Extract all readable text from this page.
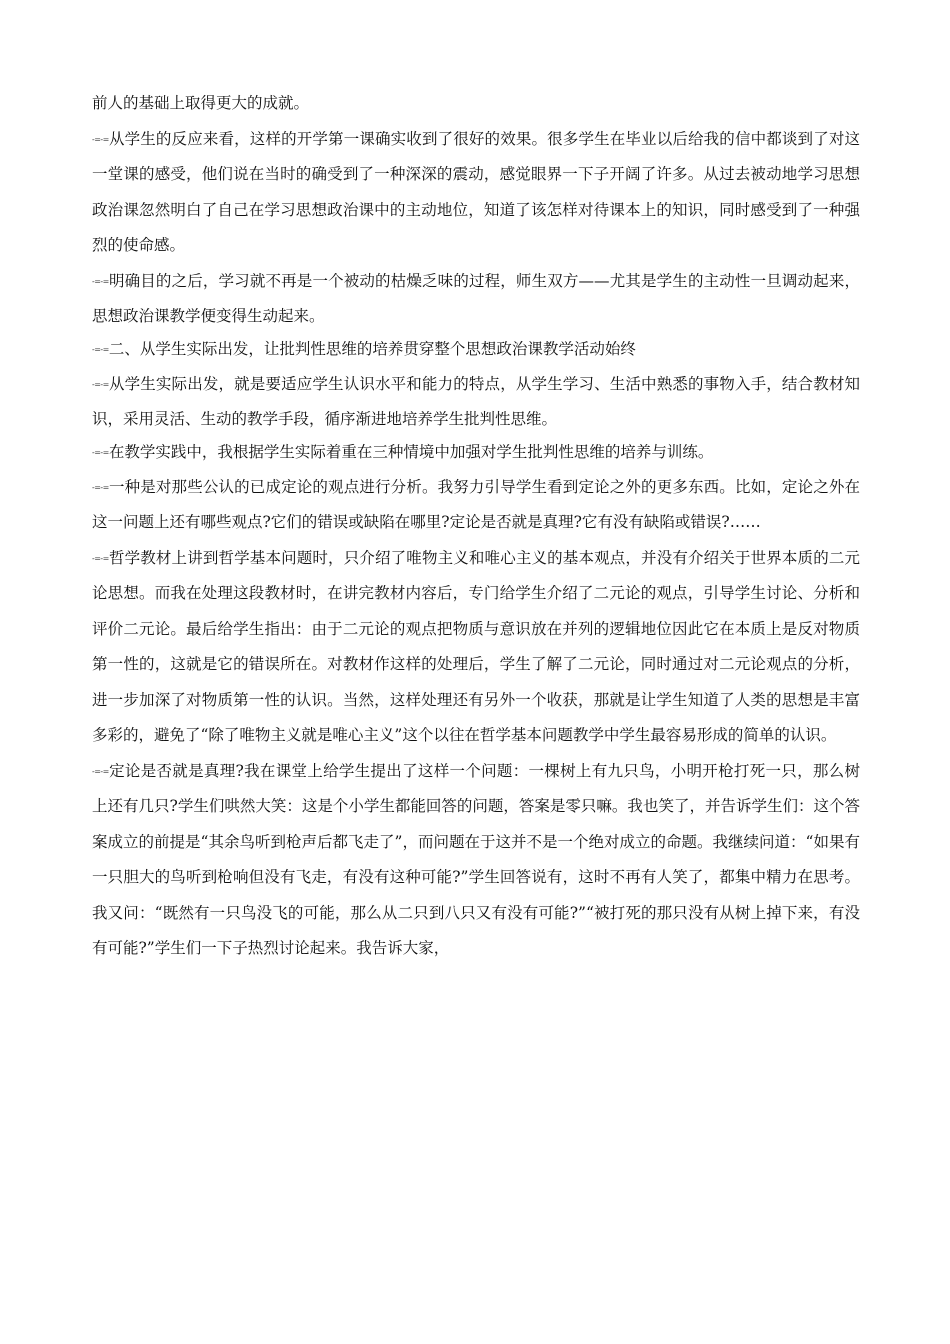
前人的基础上取得更大的成就。

-=-=从学生的反应来看，这样的开学第一课确实收到了很好的效果。很多学生在毕业以后给我的信中都谈到了对这一堂课的感受，他们说在当时的确受到了一种深深的震动，感觉眼界一下子开阔了许多。从过去被动地学习思想政治课忽然明白了自己在学习思想政治课中的主动地位，知道了该怎样对待课本上的知识，同时感受到了一种强烈的使命感。

-=-=明确目的之后，学习就不再是一个被动的枯燥乏味的过程，师生双方——尤其是学生的主动性一旦调动起来，思想政治课教学便变得生动起来。

-=-=二、从学生实际出发，让批判性思维的培养贯穿整个思想政治课教学活动始终

-=-=从学生实际出发，就是要适应学生认识水平和能力的特点，从学生学习、生活中熟悉的事物入手，结合教材知识，采用灵活、生动的教学手段，循序渐进地培养学生批判性思维。

-=-=在教学实践中，我根据学生实际着重在三种情境中加强对学生批判性思维的培养与训练。

-=-=一种是对那些公认的已成定论的观点进行分析。我努力引导学生看到定论之外的更多东西。比如，定论之外在这一问题上还有哪些观点?它们的错误或缺陷在哪里?定论是否就是真理?它有没有缺陷或错误?……

-=-=哲学教材上讲到哲学基本问题时，只介绍了唯物主义和唯心主义的基本观点，并没有介绍关于世界本质的二元论思想。而我在处理这段教材时，在讲完教材内容后，专门给学生介绍了二元论的观点，引导学生讨论、分析和评价二元论。最后给学生指出：由于二元论的观点把物质与意识放在并列的逻辑地位因此它在本质上是反对物质第一性的，这就是它的错误所在。对教材作这样的处理后，学生了解了二元论，同时通过对二元论观点的分析，进一步加深了对物质第一性的认识。当然，这样处理还有另外一个收获，那就是让学生知道了人类的思想是丰富多彩的，避免了“除了唯物主义就是唯心主义”这个以往在哲学基本问题教学中学生最容易形成的简单的认识。

-=-=定论是否就是真理?我在课堂上给学生提出了这样一个问题：一棵树上有九只鸟，小明开枪打死一只，那么树上还有几只?学生们哄然大笑：这是个小学生都能回答的问题，答案是零只嘛。我也笑了，并告诉学生们：这个答案成立的前提是“其余鸟听到枪声后都飞走了”，而问题在于这并不是一个绝对成立的命题。我继续问道：“如果有一只胆大的鸟听到枪响但没有飞走，有没有这种可能?”学生回答说有，这时不再有人笑了，都集中精力在思考。我又问：“既然有一只鸟没飞的可能，那么从二只到八只又有没有可能?”“被打死的那只没有从树上掉下来，有没有可能?”学生们一下子热烈讨论起来。我告诉大家，
